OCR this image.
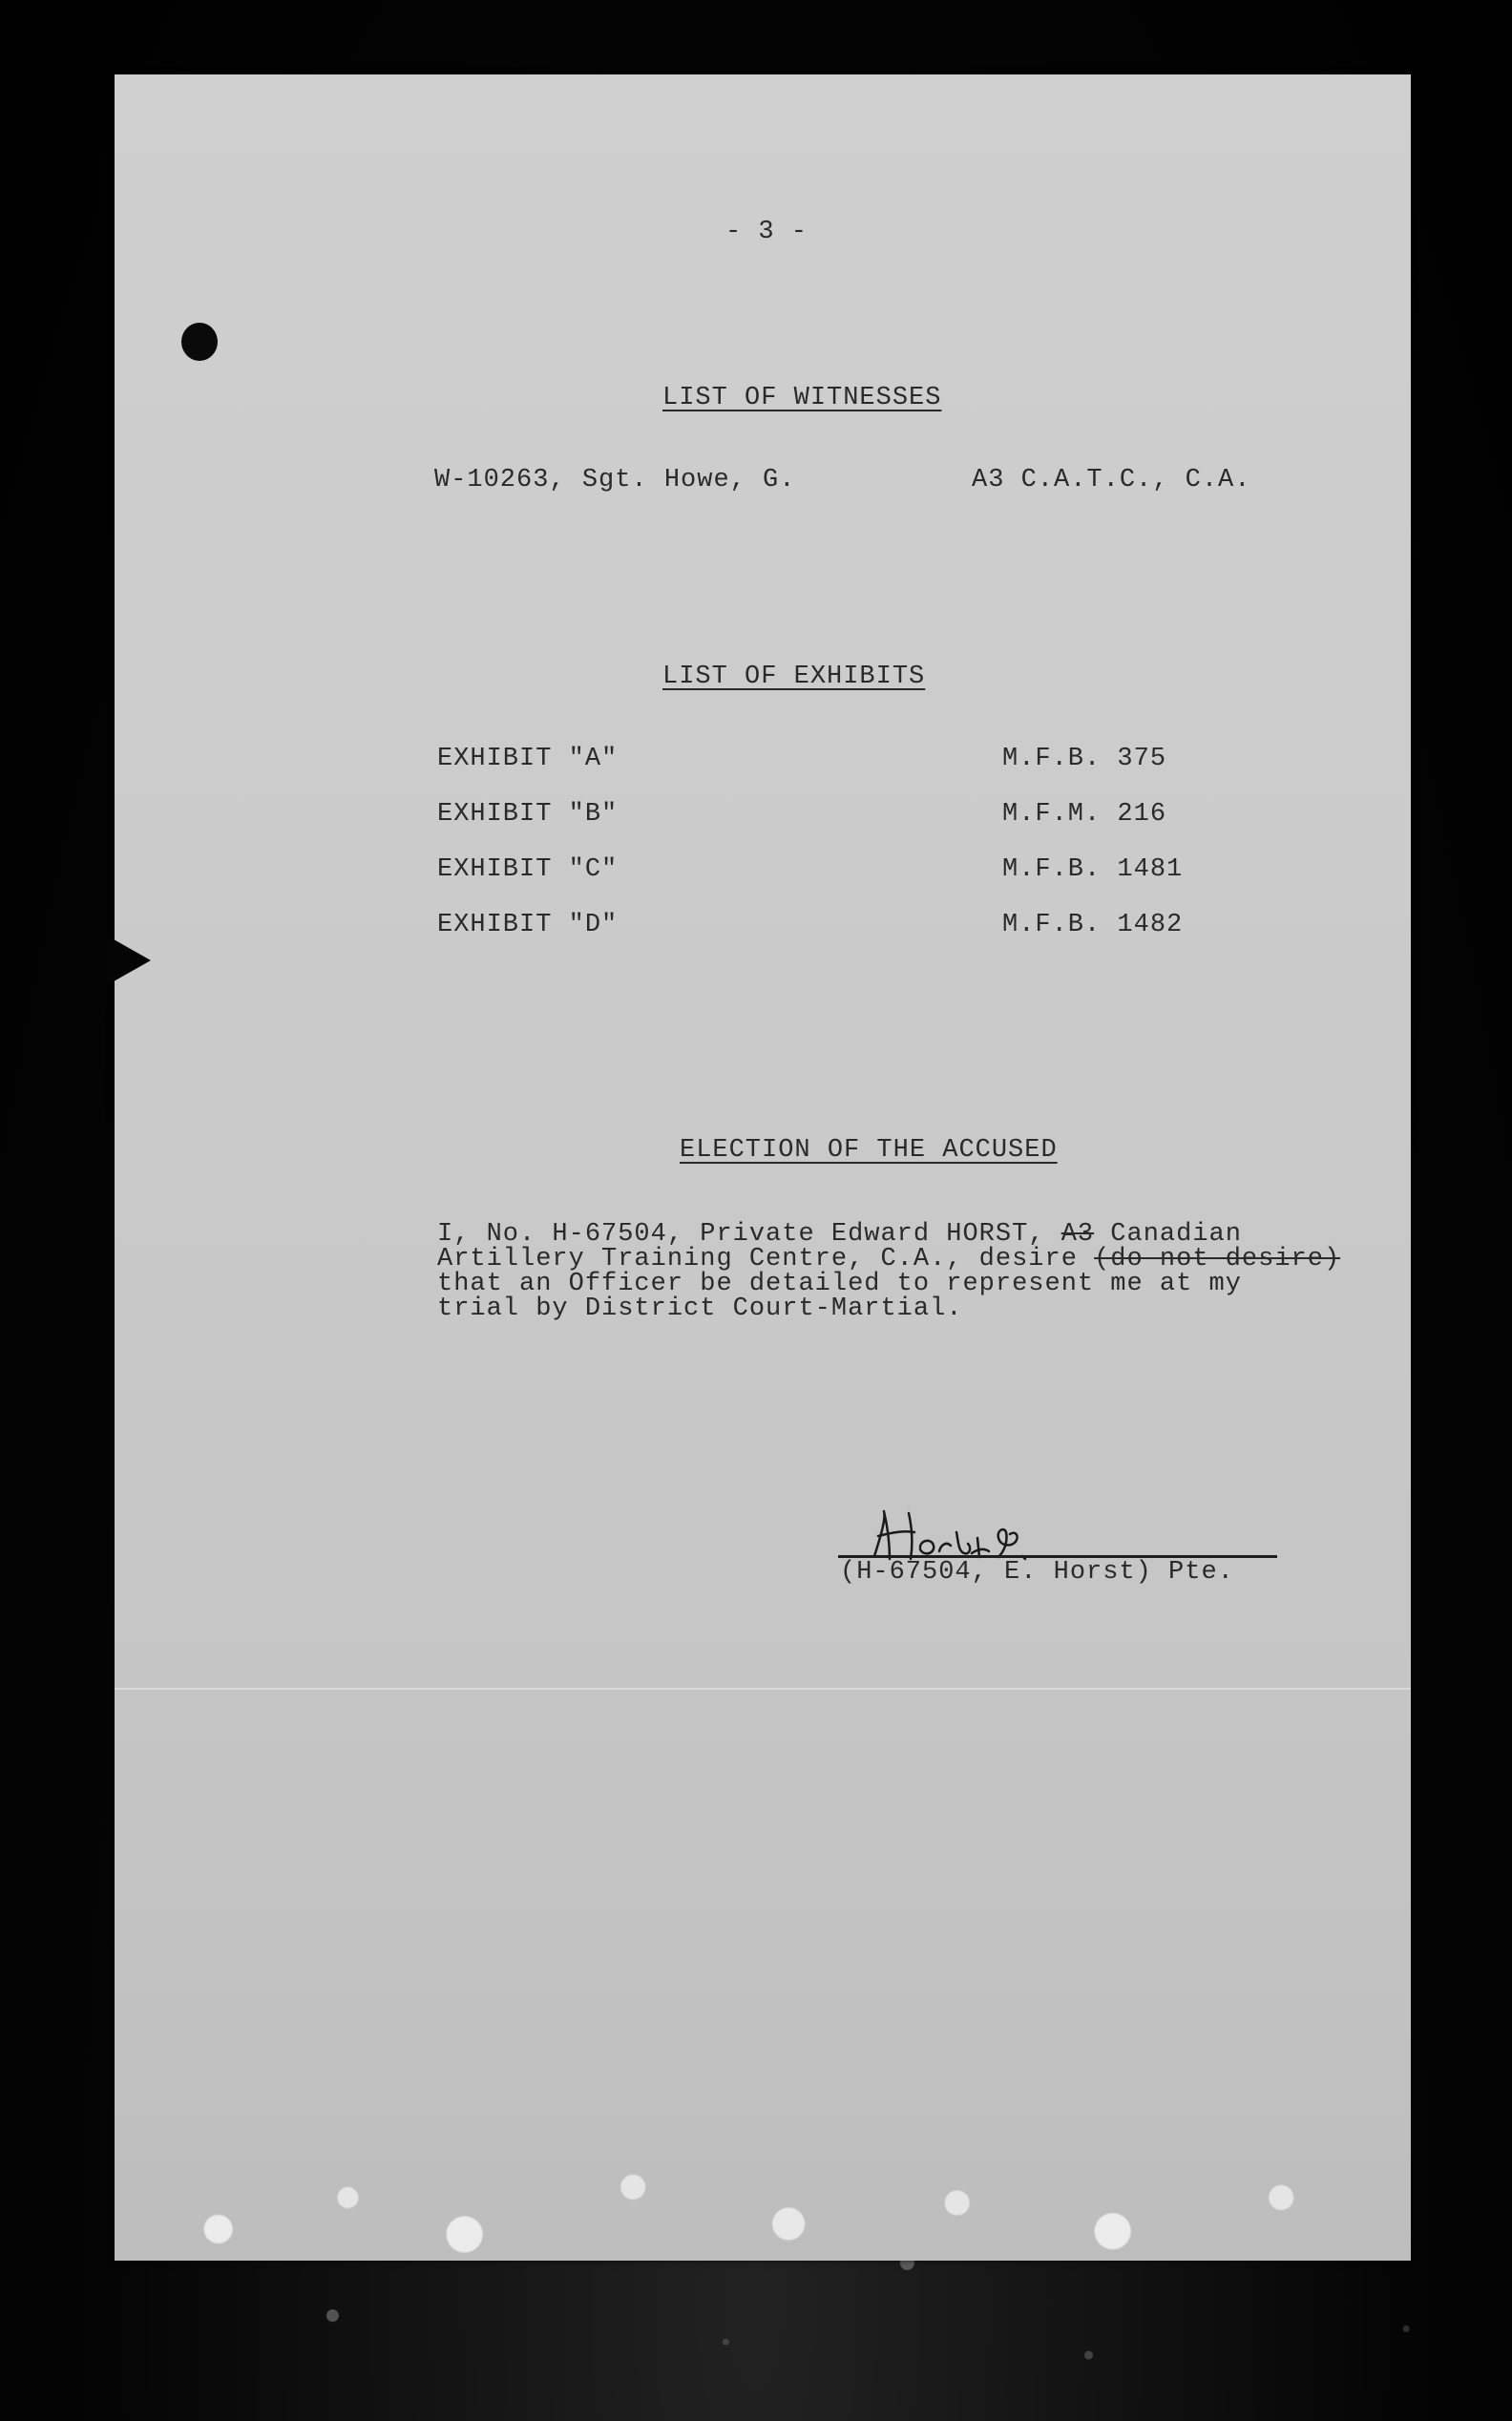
- 3 -
LIST OF WITNESSES
W-10263, Sgt. Howe, G.	A3 C.A.T.C., C.A.
LIST OF EXHIBITS
EXHIBIT "A"	M.F.B. 375
EXHIBIT "B"	M.F.M. 216
EXHIBIT "C"	M.F.B. 1481
EXHIBIT "D"	M.F.B. 1482
ELECTION OF THE ACCUSED
I, No. H-67504, Private Edward HORST, A3 Canadian
Artillery Training Centre, C.A., desire (do not desire)
that an Officer be detailed to represent me at my
trial by District Court-Martial.
(H-67504, E. Horst) Pte.
